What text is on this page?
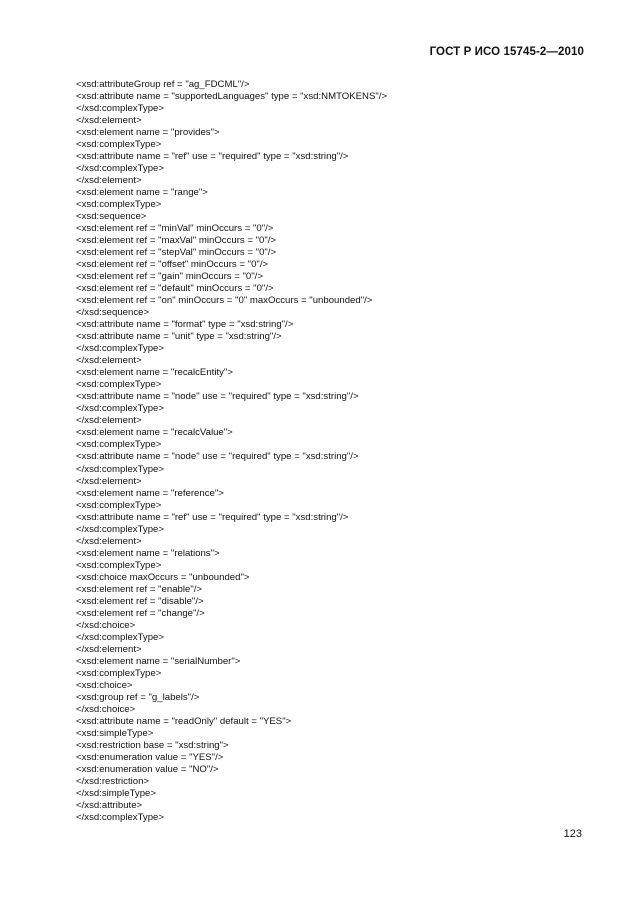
ГОСТ Р ИСО 15745-2—2010
<xsd:attributeGroup ref = "ag_FDCML"/>
<xsd:attribute name = "supportedLanguages" type = "xsd:NMTOKENS"/>
</xsd:complexType>
</xsd:element>
<xsd:element name = "provides">
<xsd:complexType>
<xsd:attribute name = "ref" use = "required" type = "xsd:string"/>
</xsd:complexType>
</xsd:element>
<xsd:element name = "range">
<xsd:complexType>
<xsd:sequence>
<xsd:element ref = "minVal" minOccurs = "0"/>
<xsd:element ref = "maxVal" minOccurs = "0"/>
<xsd:element ref = "stepVal" minOccurs = "0"/>
<xsd:element ref = "offset" minOccurs = "0"/>
<xsd:element ref = "gain" minOccurs = "0"/>
<xsd:element ref = "default" minOccurs = "0"/>
<xsd:element ref = "on" minOccurs = "0" maxOccurs = "unbounded"/>
</xsd:sequence>
<xsd:attribute name = "format" type = "xsd:string"/>
<xsd:attribute name = "unit" type = "xsd:string"/>
</xsd:complexType>
</xsd:element>
<xsd:element name = "recalcEntity">
<xsd:complexType>
<xsd:attribute name = "node" use = "required" type = "xsd:string"/>
</xsd:complexType>
</xsd:element>
<xsd:element name = "recalcValue">
<xsd:complexType>
<xsd:attribute name = "node" use = "required" type = "xsd:string"/>
</xsd:complexType>
</xsd:element>
<xsd:element name = "reference">
<xsd:complexType>
<xsd:attribute name = "ref" use = "required" type = "xsd:string"/>
</xsd:complexType>
</xsd:element>
<xsd:element name = "relations">
<xsd:complexType>
<xsd:choice maxOccurs = "unbounded">
<xsd:element ref = "enable"/>
<xsd:element ref = "disable"/>
<xsd:element ref = "change"/>
</xsd:choice>
</xsd:complexType>
</xsd:element>
<xsd:element name = "serialNumber">
<xsd:complexType>
<xsd:choice>
<xsd:group ref = "g_labels"/>
</xsd:choice>
<xsd:attribute name = "readOnly" default = "YES">
<xsd:simpleType>
<xsd:restriction base = "xsd:string">
<xsd:enumeration value = "YES"/>
<xsd:enumeration value = "NO"/>
</xsd:restriction>
</xsd:simpleType>
</xsd:attribute>
</xsd:complexType>
123
